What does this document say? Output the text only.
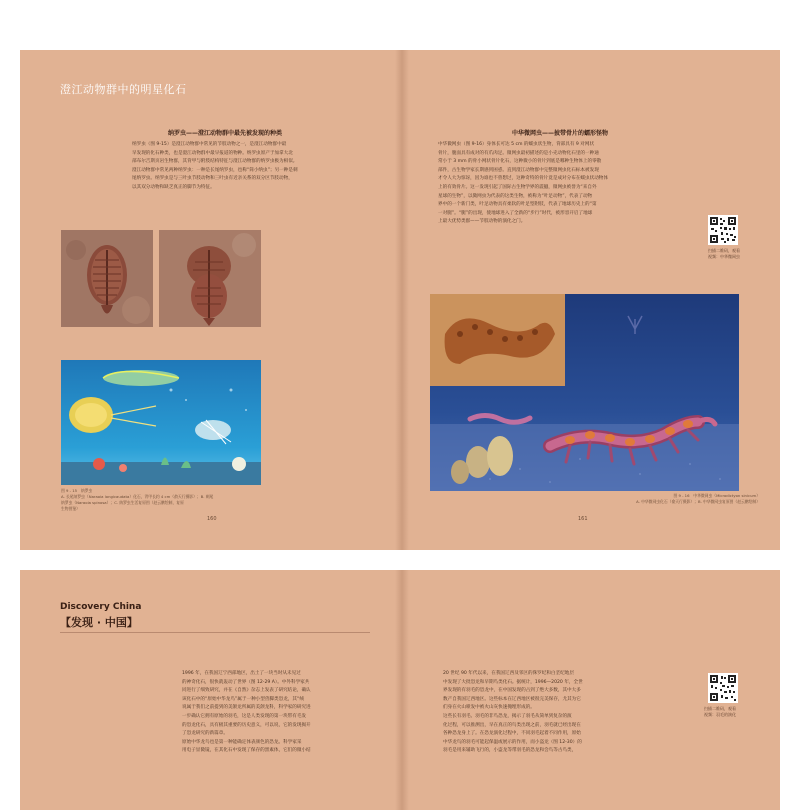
澄江动物群中的明星化石
纳罗虫——澄江动物群中最先被发现的种类
纳罗虫（图 9-15）是澄江动物群中常见的节肢动物之一，是澄江动物群中最
早发现的化石种类，也是澄江动物群中最早报道的物种。纳罗虫原产于加拿大北
部布尔吉斯页岩生物群，其背甲与附肢结构特征与澄江动物群的纳罗虫极为相似。
澄江动物群中常见两种纳罗虫：一种是长尾纳罗虫，也称“简小纳虫”；另一种是刺
尾纳罗虫。纳罗虫是与三叶虫节肢动物和三叶虫有近亲关系的双分区节肢动物，
以其双分动物和缺乏真正的脚节为特征。
图 9 - 15　纳罗虫
A. 长尾纳罗虫（Naraoia longicaudata）化石，背甲长约 4 cm（俞天行摄影）；B. 刺尾
纳罗虫（Naraoia spinosa）；C. 纳罗虫生活复原图（赵云鹏绘制，复原
生物图鉴）
160
中华微网虫——披带骨片的蠕形怪物
中华微网虫（图 9-16）身体长可达 5 cm 的蠕虫状生物，背部具有 9 对网状
骨片，腹面具有成对的有爪肉足。微网虫最初描述的是小壳动物化石里的一种通
常小于 3 mm 的骨小网状骨片化石，这种微小的骨片到底是哪种生物体上的零散
部件，古生物学家长期感到困惑。直到澄江动物群中完整微网虫化石标本被发现
才令人大为惊讶，因为谁也不曾想过，这种奇特的骨片竟是成对分布在蠕虫状动物体
上的有效骨片。这一发现引起了国际古生物学界的震撼，微网虫被誉为“来自外
星球的生物”，以微网虫为代表的这类生物，被称为“叶足动物”，代表了动物
界中的一个新门类，叶足动物具有柔软的叶足型附肢，代表了地球历史上的“第
一对腿”。“腿”的出现，使地球进入了全新的“步行”时代，被形容开启了地球
上最大优势类群——节肢动物的演化之门。
扫描二维码，观看
视频：中华微网虫
图 9 - 16　中华微网虫（Microdictyon sinicum）
A. 中华微网虫化石（俞天行摄影）；B. 中华微网虫复原图（赵云鹏绘制）
161
Discovery China
【发现 · 中国】
1996 年，在我国辽宁西部地区，出土了一块当时从未见过
的神奇化石，很快就轰动了世界（图 12-29 A）。中外科学家共
同进行了细致研究，并在《自然》杂志上发表了研究结论，确认
该化石中的“原始中华龙鸟”属于一种小型兽脚类恐龙，其“绒
说属于我们之前提到的美颌龙所属的美颌龙科，科学家的研究进
一步确认它拥有原始的羽毛，这是人类发现的第一块带有毛发
的恐龙化石，具有极其重要的历史意义，可以说，它的发现揭开
了恐龙研究的新篇章。
原始中华龙鸟也是第一种能确定体表颜色的恐龙。科学家采
用电子显微镜，在其化石中发现了保存的黑素体，它们的微小结
20 世纪 90 年代以来，在我国辽西及邻区的侏罗纪和白垩纪地层
中发现了大批恐龙和早期鸟类化石。据统计，1996—2020 年，全世
界发现的有羽毛的恐龙中，在中国发现的占到了绝大多数，其中大多
数产自我国辽西地区。这些标本在辽西地区被很完美保存，尤其为它
们身在火山喷发中被火山灰快速掩埋形成的。
这些长有羽毛、羽毛的非鸟恐龙，揭示了羽毛从简单到复杂的演
化过程，可以推测出，早在真正的鸟类出现之前，羽毛就已经出现在
各种恐龙身上了。在恐龙演化过程中，不同羽毛起着不同作用，原始
中华龙鸟的羽毛可能起保温或展示的作用，而小盗龙（图 12-30）的
羽毛是用来辅助飞行的，小盗龙等带羽毛的恐龙和会鸟等古鸟类，
扫描二维码，观看
视频：羽毛的演化
